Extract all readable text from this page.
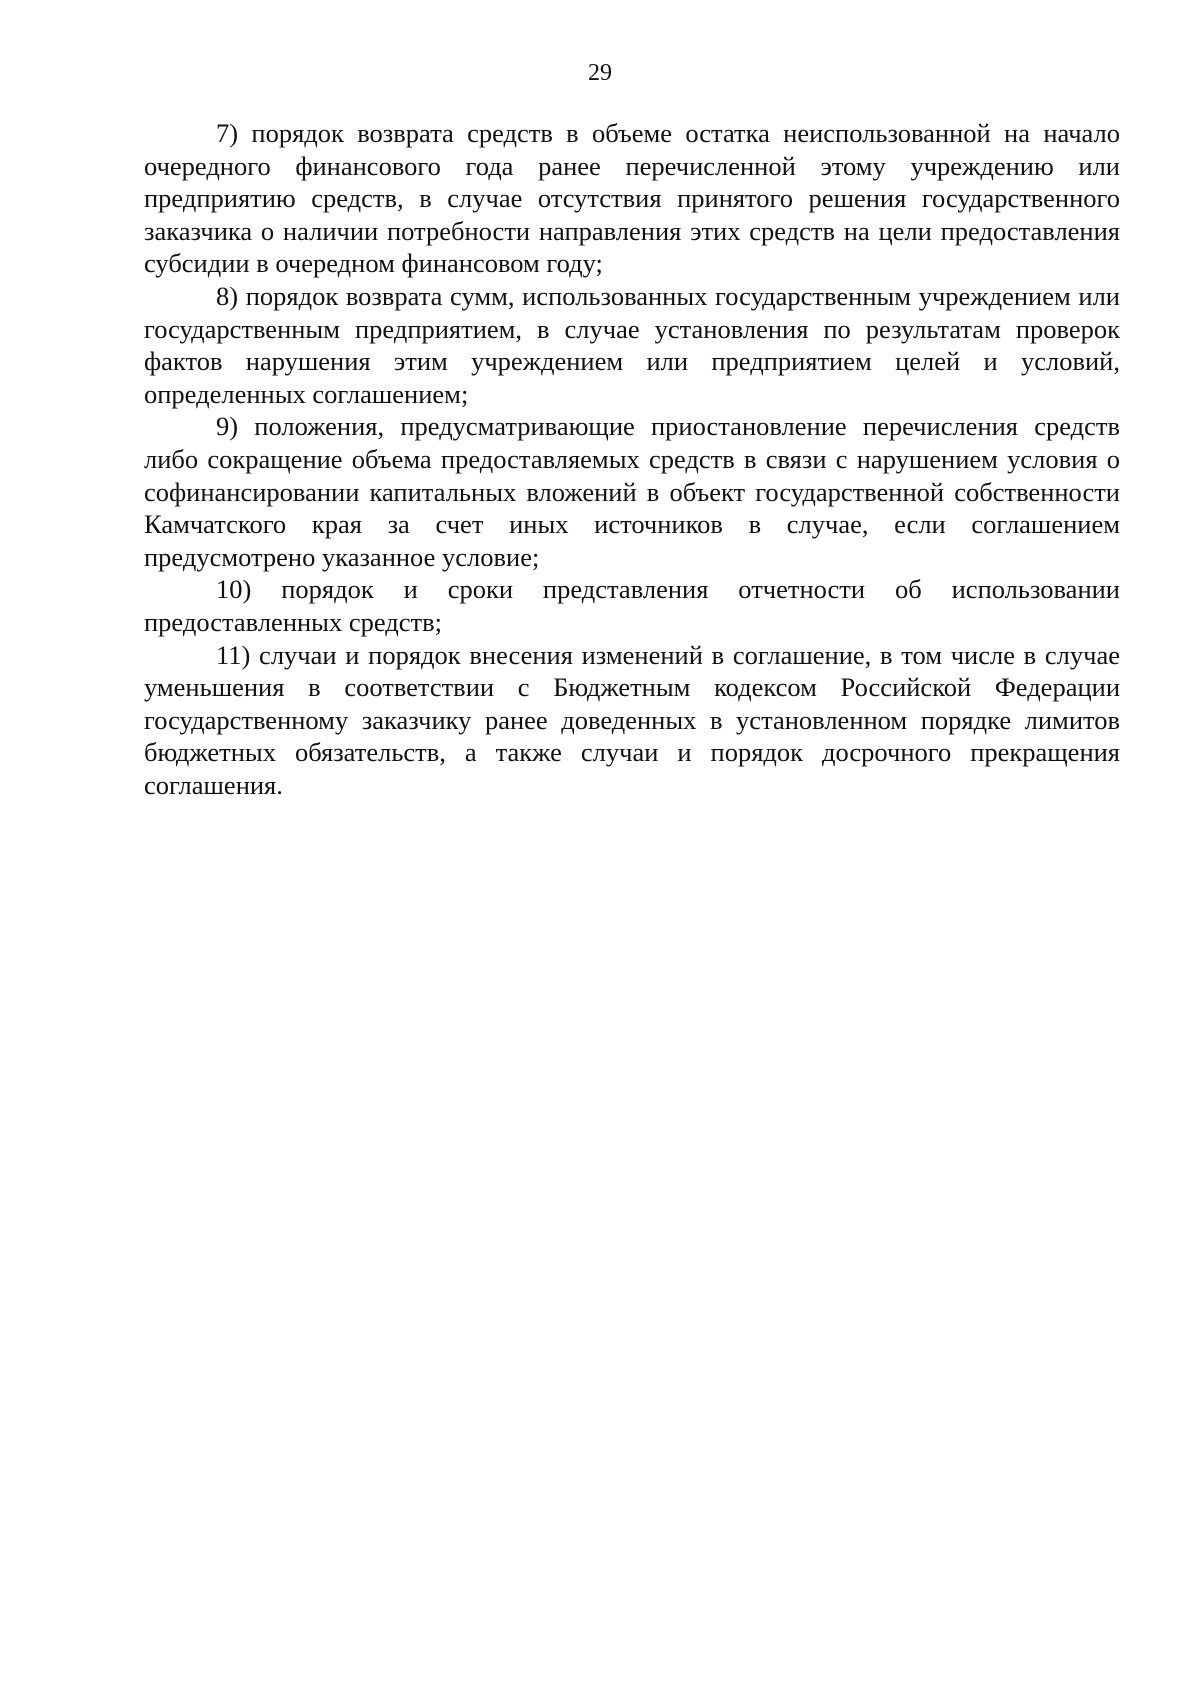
29

7) порядок возврата средств в объеме остатка неиспользованной на начало очередного финансового года ранее перечисленной этому учреждению или предприятию средств, в случае отсутствия принятого решения государственного заказчика о наличии потребности направления этих средств на цели предоставления субсидии в очередном финансовом году;

8) порядок возврата сумм, использованных государственным учреждением или государственным предприятием, в случае установления по результатам проверок фактов нарушения этим учреждением или предприятием целей и условий, определенных соглашением;

9) положения, предусматривающие приостановление перечисления средств либо сокращение объема предоставляемых средств в связи с нарушением условия о софинансировании капитальных вложений в объект государственной собственности Камчатского края за счет иных источников в случае, если соглашением предусмотрено указанное условие;

10) порядок и сроки представления отчетности об использовании предоставленных средств;

11) случаи и порядок внесения изменений в соглашение, в том числе в случае уменьшения в соответствии с Бюджетным кодексом Российской Федерации государственному заказчику ранее доведенных в установленном порядке лимитов бюджетных обязательств, а также случаи и порядок досрочного прекращения соглашения.
